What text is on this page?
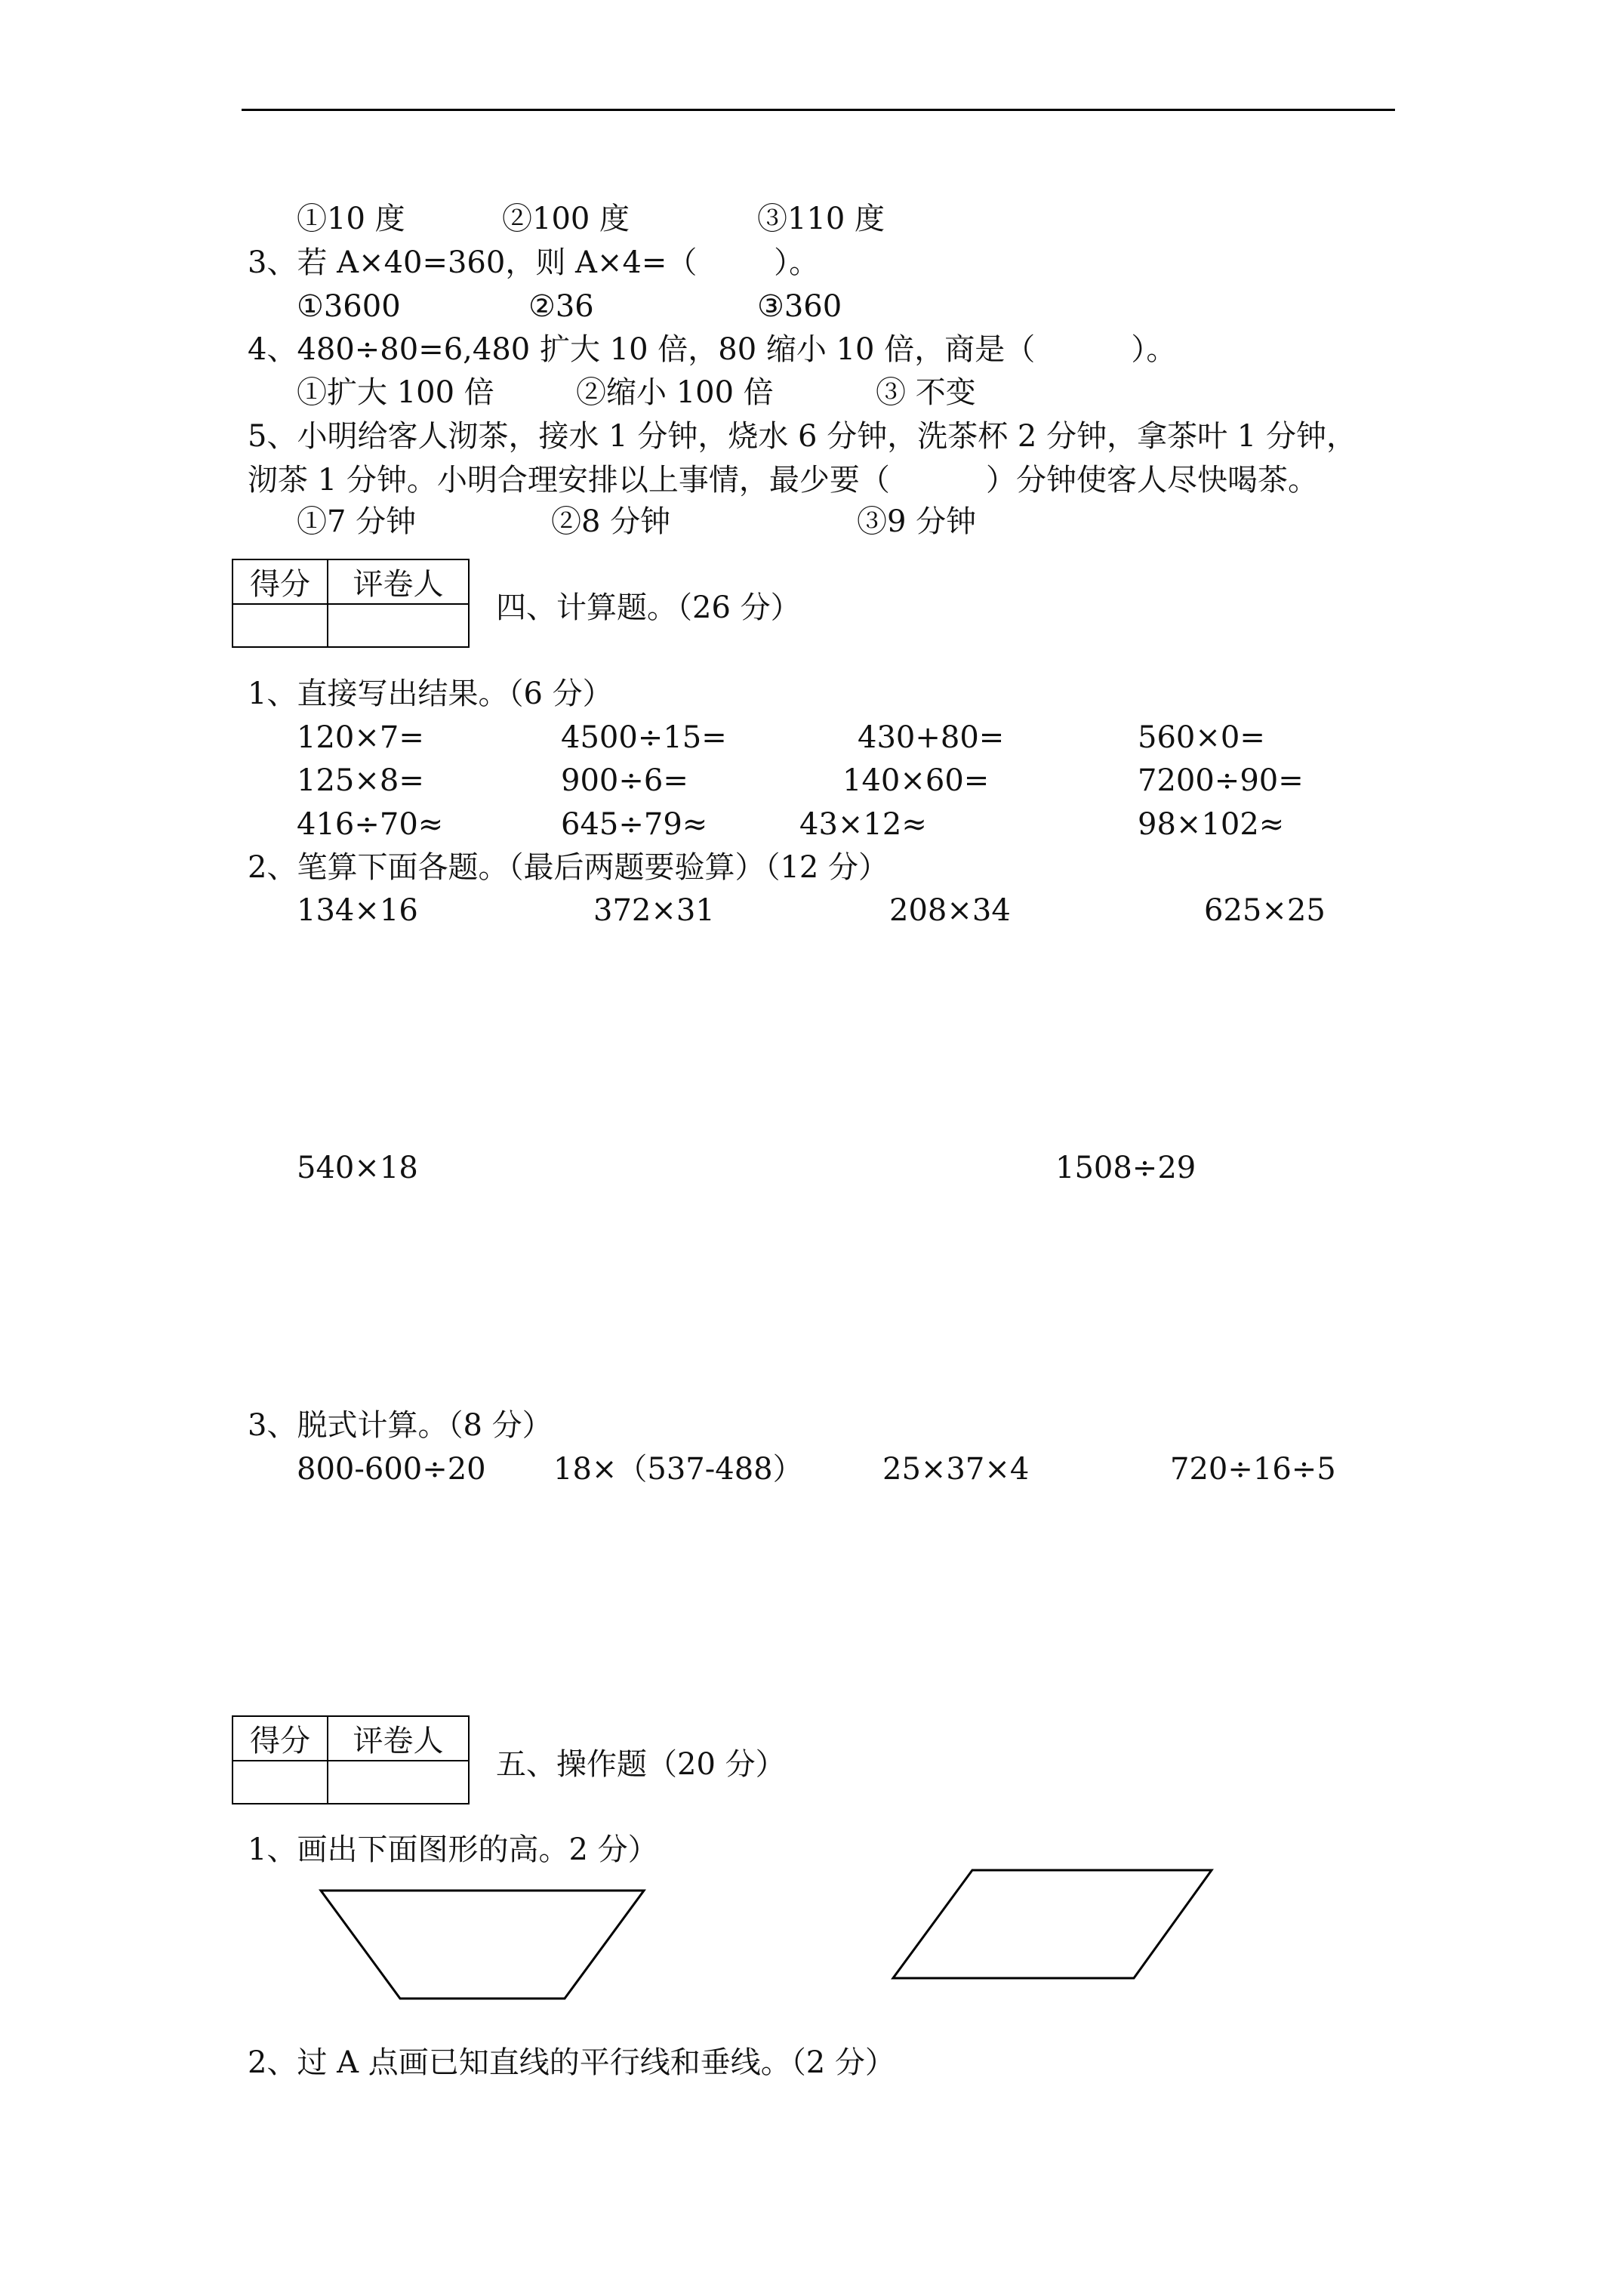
①10 度	②100 度	③110 度
3、若 A×40=360，则 A×4=（        ）。
①3600	②36	③360
4、480÷80=6,480 扩大 10 倍，80 缩小 10 倍，商是（          ）。
①扩大 100 倍	②缩小 100 倍	③ 不变
5、小明给客人沏茶，接水 1 分钟，烧水 6 分钟，洗茶杯 2 分钟，拿茶叶 1 分钟，
沏茶 1 分钟。小明合理安排以上事情，最少要（          ）分钟使客人尽快喝茶。
①7 分钟	②8 分钟	③9 分钟
得分	评卷人

四、计算题。（26 分）
1、直接写出结果。（6 分）
120×7=	4500÷15=	430+80=	560×0=
125×8=	900÷6=	140×60=	7200÷90=
416÷70≈	645÷79≈	43×12≈	98×102≈
2、笔算下面各题。（最后两题要验算）（12 分）
134×16	372×31	208×34	625×25
540×18	1508÷29
3、脱式计算。（8 分）
800-600÷20 18×（537-488）	25×37×4	720÷16÷5
得分	评卷人

五、操作题（20 分）
1、画出下面图形的高。2 分）
2、过 A 点画已知直线的平行线和垂线。（2 分）
